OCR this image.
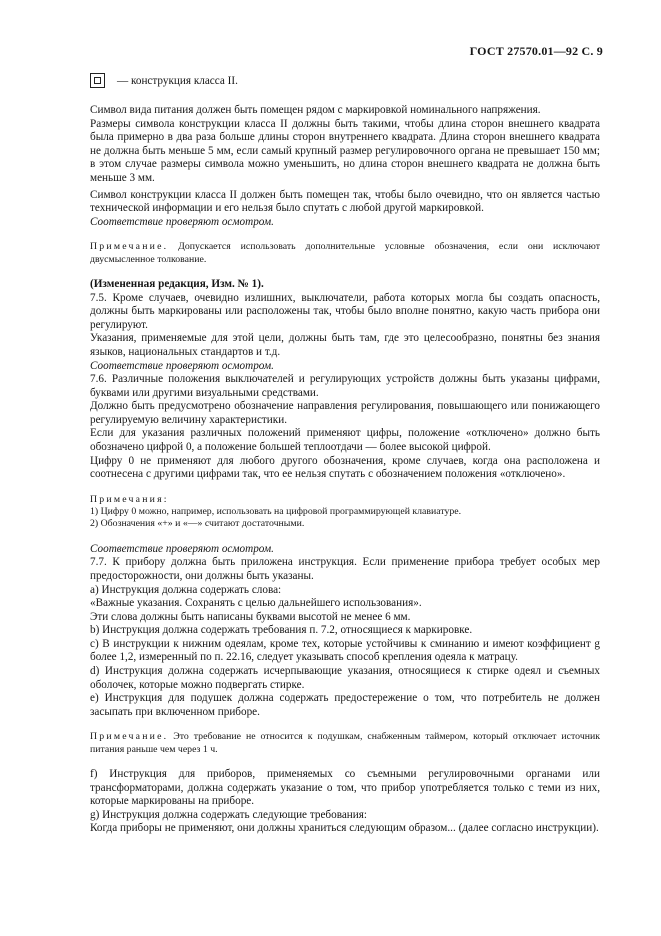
ГОСТ 27570.01—92 С. 9
— конструкция класса II.

Символ вида питания должен быть помещен рядом с маркировкой номинального напряжения.

Размеры символа конструкции класса II должны быть такими, чтобы длина сторон внешнего квадрата была примерно в два раза больше длины сторон внутреннего квадрата. Длина сторон внешнего квадрата не должна быть меньше 5 мм, если самый крупный размер регулировочного органа не превышает 150 мм; в этом случае размеры символа можно уменьшить, но длина сторон внешнего квадрата не должна быть меньше 3 мм.

Символ конструкции класса II должен быть помещен так, чтобы было очевидно, что он является частью технической информации и его нельзя было спутать с любой другой маркировкой.

Соответствие проверяют осмотром.

Примечание. Допускается использовать дополнительные условные обозначения, если они исключают двусмысленное толкование.

(Измененная редакция, Изм. № 1).

7.5. Кроме случаев, очевидно излишних, выключатели, работа которых могла бы создать опасность, должны быть маркированы или расположены так, чтобы было вполне понятно, какую часть прибора они регулируют.

Указания, применяемые для этой цели, должны быть там, где это целесообразно, понятны без знания языков, национальных стандартов и т.д.

Соответствие проверяют осмотром.

7.6. Различные положения выключателей и регулирующих устройств должны быть указаны цифрами, буквами или другими визуальными средствами.

Должно быть предусмотрено обозначение направления регулирования, повышающего или понижающего регулируемую величину характеристики.

Если для указания различных положений применяют цифры, положение «отключено» должно быть обозначено цифрой 0, а положение большей теплоотдачи — более высокой цифрой.

Цифру 0 не применяют для любого другого обозначения, кроме случаев, когда она расположена и соотнесена с другими цифрами так, что ее нельзя спутать с обозначением положения «отключено».

Примечания:

1) Цифру 0 можно, например, использовать на цифровой программирующей клавиатуре.

2) Обозначения «+» и «—» считают достаточными.

Соответствие проверяют осмотром.

7.7. К прибору должна быть приложена инструкция. Если применение прибора требует особых мер предосторожности, они должны быть указаны.

а) Инструкция должна содержать слова:

«Важные указания. Сохранять с целью дальнейшего использования».

Эти слова должны быть написаны буквами высотой не менее 6 мм.

b) Инструкция должна содержать требования п. 7.2, относящиеся к маркировке.

с) В инструкции к нижним одеялам, кроме тех, которые устойчивы к сминанию и имеют коэффициент g более 1,2, измеренный по п. 22.16, следует указывать способ крепления одеяла к матрацу.

d) Инструкция должна содержать исчерпывающие указания, относящиеся к стирке одеял и съемных оболочек, которые можно подвергать стирке.

e) Инструкция для подушек должна содержать предостережение о том, что потребитель не должен засыпать при включенном приборе.

Примечание. Это требование не относится к подушкам, снабженным таймером, который отключает источник питания раньше чем через 1 ч.

f) Инструкция для приборов, применяемых со съемными регулировочными органами или трансформаторами, должна содержать указание о том, что прибор употребляется только с теми из них, которые маркированы на приборе.

g) Инструкция должна содержать следующие требования:

Когда приборы не применяют, они должны храниться следующим образом... (далее согласно инструкции).
